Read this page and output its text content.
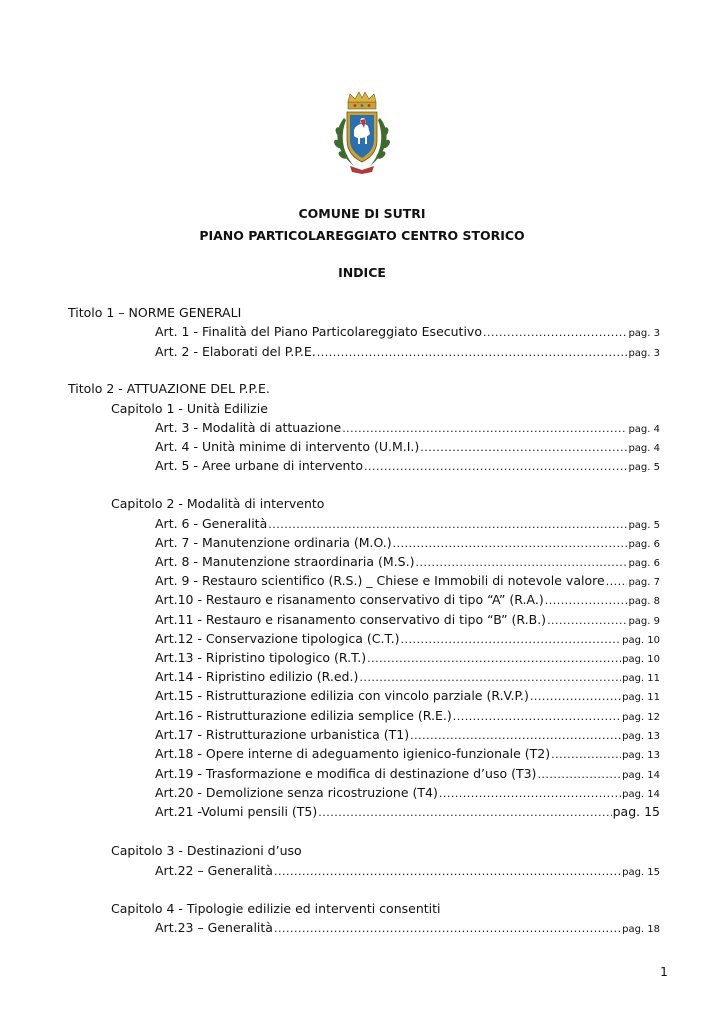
COMUNE DI SUTRI
PIANO PARTICOLAREGGIATO CENTRO STORICO
INDICE
Titolo 1 – NORME GENERALI
Art. 1 - Finalità del Piano Particolareggiato Esecutivo .....	pag. 3
Art. 2 - Elaborati del P.P.E. .....	pag. 3
Titolo 2 - ATTUAZIONE DEL P.P.E.
Capitolo 1 - Unità Edilizie
Art. 3 - Modalità di attuazione .....	pag. 4
Art. 4 - Unità minime di intervento (U.M.I.) .....	pag. 4
Art. 5 - Aree urbane di intervento .....	pag. 5
Capitolo 2 - Modalità di intervento
Art. 6 - Generalità .....	pag. 5
Art. 7 - Manutenzione ordinaria (M.O.) .....	pag. 6
Art. 8 - Manutenzione straordinaria (M.S.) .....	pag. 6
Art. 9 - Restauro scientifico (R.S.) _ Chiese e Immobili di notevole valore ..... pag. 7
Art.10 - Restauro e risanamento conservativo di tipo “A” (R.A.) .....	pag. 8
Art.11 - Restauro e risanamento conservativo di tipo “B” (R.B.) .....	pag. 9
Art.12 - Conservazione tipologica (C.T.) .....	pag. 10
Art.13 - Ripristino tipologico (R.T.) .....	pag. 10
Art.14 - Ripristino edilizio (R.ed.) .....	pag. 11
Art.15 - Ristrutturazione edilizia con vincolo parziale (R.V.P.) .....	pag. 11
Art.16 - Ristrutturazione edilizia semplice (R.E.) .....	pag. 12
Art.17 - Ristrutturazione urbanistica (T1) .....	pag. 13
Art.18 - Opere interne di adeguamento igienico-funzionale (T2) .....	pag. 13
Art.19 - Trasformazione e modifica di destinazione d’uso (T3) .....	pag. 14
Art.20 - Demolizione senza ricostruzione (T4) .....	pag. 14
Art.21 -Volumi pensili (T5) .....	pag. 15
Capitolo 3 - Destinazioni d’uso
Art.22 – Generalità .....	pag. 15
Capitolo 4 - Tipologie edilizie ed interventi consentiti
Art.23 – Generalità .....	pag. 18
1
